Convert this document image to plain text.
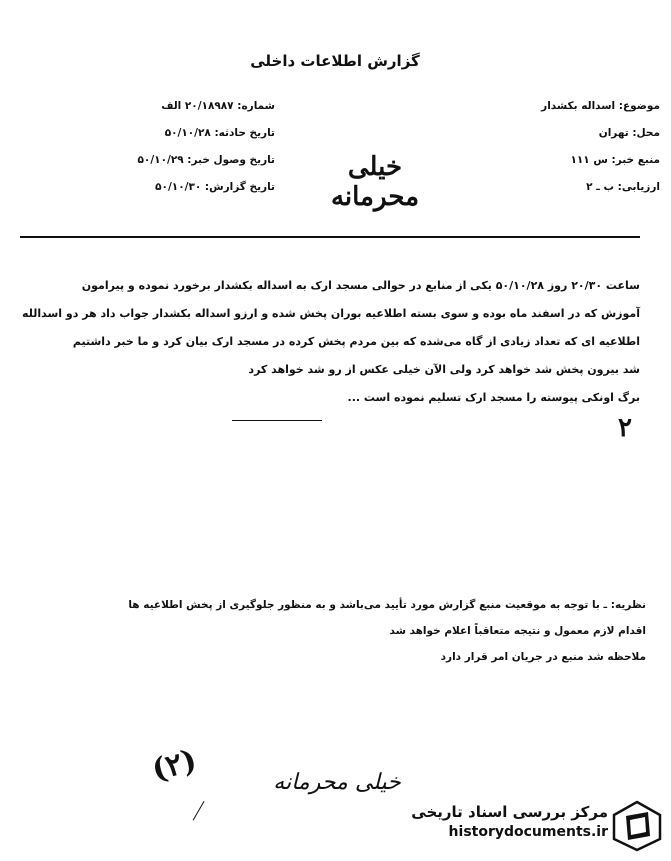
گزارش اطلاعات داخلی
شماره: ۲۰/۱۸۹۸۷ الف
تاریخ حادثه: ۵۰/۱۰/۲۸
تاریخ وصول خبر: ۵۰/۱۰/۲۹
تاریخ گزارش: ۵۰/۱۰/۳۰
موضوع: اسداله بکشدار
محل: تهران
منبع خبر: س ۱۱۱
ارزیابی: ب ـ ۲
خیلی محرمانه

ساعت ۲۰/۳۰ روز ۵۰/۱۰/۲۸ یکی از منابع در حوالی مسجد ارک به اسداله بکشدار برخورد نموده و پیرامون

آموزش که در اسفند ماه بوده و سوی بسته اطلاعیه بوران پخش شده و ارزو اسداله بکشدار جواب داد هر دو اسدالله

اطلاعیه ای که تعداد زیادی از گاه می‌شده که بین مردم پخش کرده در مسجد ارک بیان کرد و ما خبر داشتیم

شد بیرون پخش شد خواهد کرد ولی الآن خیلی عکس از رو شد خواهد کرد

برگ اونکی پیوسته را مسجد ارک تسلیم نموده است ...

۲

نظریه: ـ با توجه به موقعیت منبع گزارش مورد تأیید می‌باشد و به منظور جلوگیری از پخش اطلاعیه ها

اقدام لازم معمول و نتیجه متعاقباً اعلام خواهد شد

ملاحظه شد منبع در جریان امر قرار دارد

(۲)	خیلی محرمانه
مرکز بررسی اسناد تاریخی
historydocuments.ir
